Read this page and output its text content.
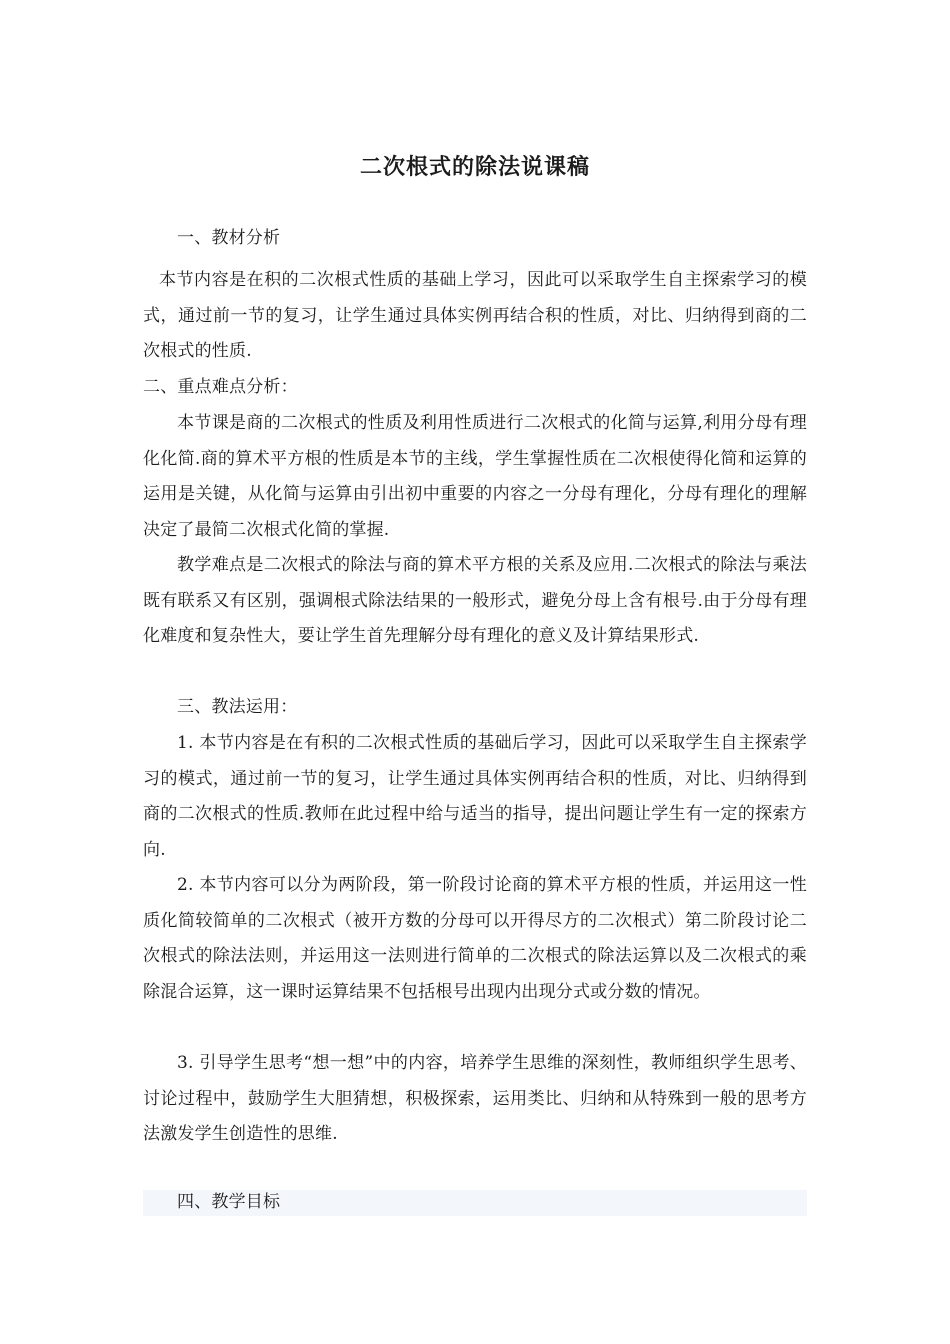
二次根式的除法说课稿
一、教材分析
本节内容是在积的二次根式性质的基础上学习，因此可以采取学生自主探索学习的模式，通过前一节的复习，让学生通过具体实例再结合积的性质，对比、归纳得到商的二次根式的性质.
二、重点难点分析：
本节课是商的二次根式的性质及利用性质进行二次根式的化简与运算,利用分母有理化化简.商的算术平方根的性质是本节的主线，学生掌握性质在二次根使得化简和运算的运用是关键，从化简与运算由引出初中重要的内容之一分母有理化，分母有理化的理解决定了最简二次根式化简的掌握.
教学难点是二次根式的除法与商的算术平方根的关系及应用.二次根式的除法与乘法既有联系又有区别，强调根式除法结果的一般形式，避免分母上含有根号.由于分母有理化难度和复杂性大，要让学生首先理解分母有理化的意义及计算结果形式.
三、教法运用：
1. 本节内容是在有积的二次根式性质的基础后学习，因此可以采取学生自主探索学习的模式，通过前一节的复习，让学生通过具体实例再结合积的性质，对比、归纳得到商的二次根式的性质.教师在此过程中给与适当的指导，提出问题让学生有一定的探索方向.
2. 本节内容可以分为两阶段，第一阶段讨论商的算术平方根的性质，并运用这一性质化简较简单的二次根式（被开方数的分母可以开得尽方的二次根式）第二阶段讨论二次根式的除法法则，并运用这一法则进行简单的二次根式的除法运算以及二次根式的乘除混合运算，这一课时运算结果不包括根号出现内出现分式或分数的情况。
3. 引导学生思考“想一想”中的内容，培养学生思维的深刻性，教师组织学生思考、讨论过程中，鼓励学生大胆猜想，积极探索，运用类比、归纳和从特殊到一般的思考方法激发学生创造性的思维.
四、教学目标
